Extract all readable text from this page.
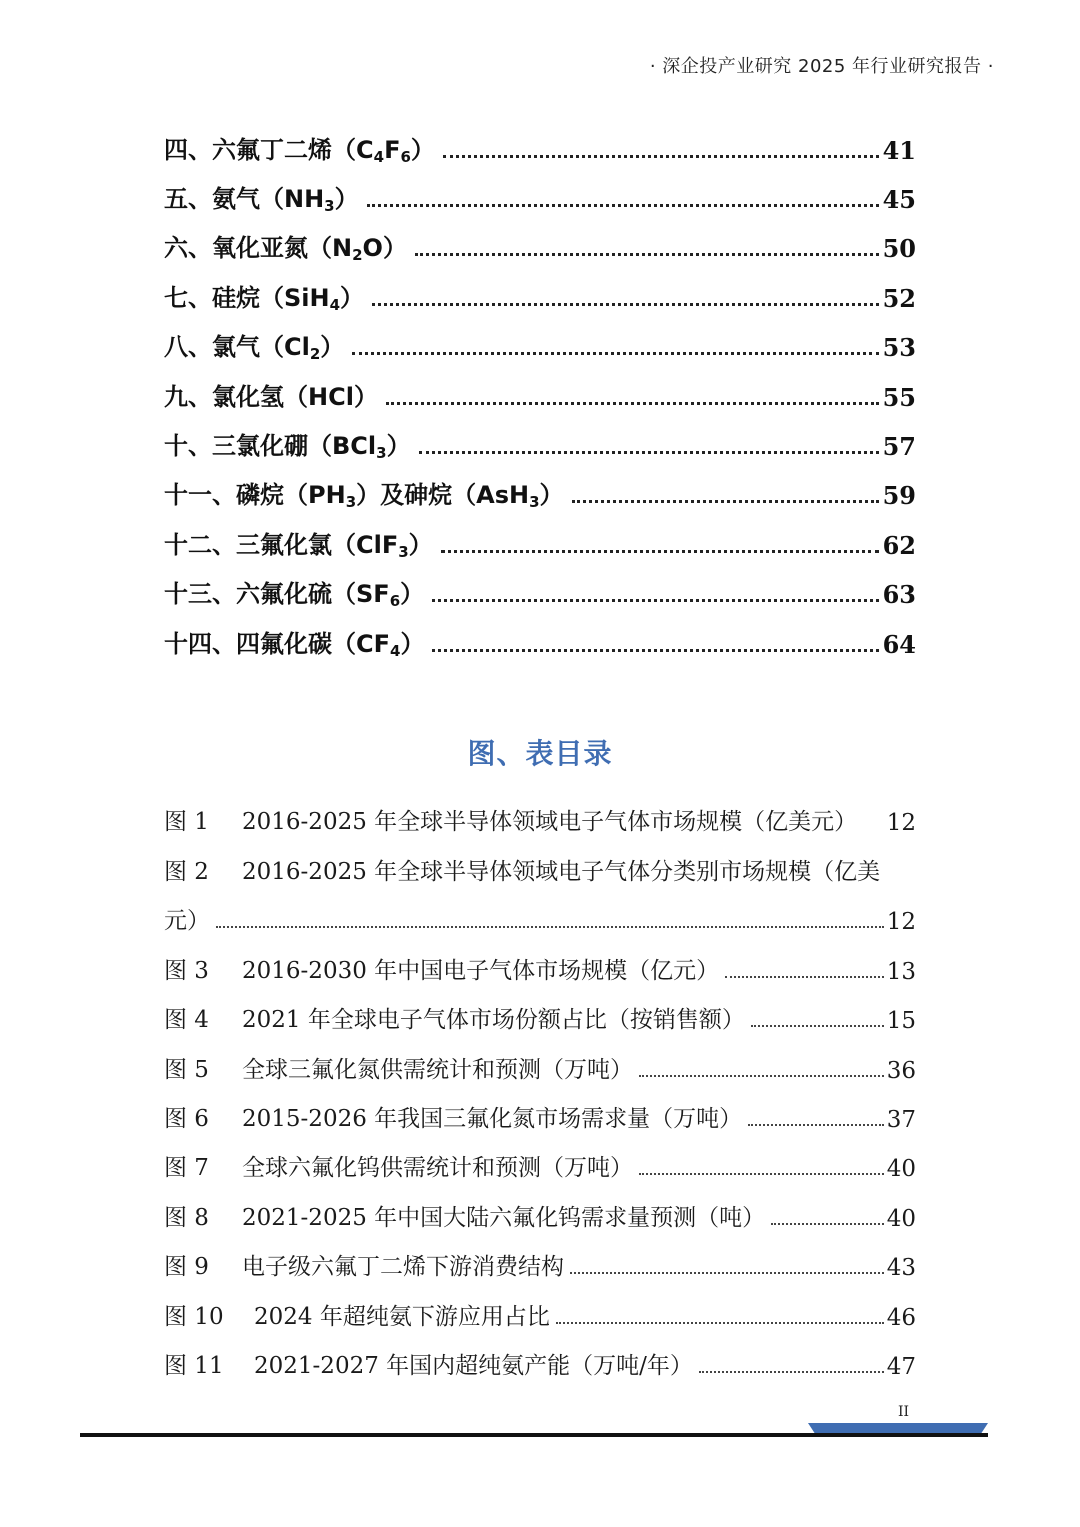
· 深企投产业研究 2025 年行业研究报告 ·
四、六氟丁二烯$(C_4F_6)$	41
五、氨气$(NH_3)$	45
六、氧化亚氮$(N_2O)$	50
七、硅烷（SiH$_4$）	52
八、氯气$(Cl_2)$	53
九、氯化氢（HCl）	55
十、三氯化硼（BCl$_3$）	57
十一、磷烷$(PH_3)$及砷烷（AsH$_3$）	59
十二、三氟化氯（ClF$_3$）	62
十三、六氟化硫$(SF_6)$	63
十四、四氟化碳$(CF_4)$	64
图、表目录
图 1	2016-2025 年全球半导体领域电子气体市场规模（亿美元） 12
图 2	2016-2025 年全球半导体领域电子气体分类别市场规模（亿美
元）	12
图 3	2016-2030 年中国电子气体市场规模（亿元）	13
图 4	2021 年全球电子气体市场份额占比（按销售额）	15
图 5	全球三氟化氮供需统计和预测（万吨）	36
图 6	2015-2026 年我国三氟化氮市场需求量（万吨）	37
图 7	全球六氟化钨供需统计和预测（万吨）	40
图 8	2021-2025 年中国大陆六氟化钨需求量预测（吨）	40
图 9	电子级六氟丁二烯下游消费结构	43
图 10	2024 年超纯氨下游应用占比	46
图 11	2021-2027 年国内超纯氨产能（万吨/年）	47
II
